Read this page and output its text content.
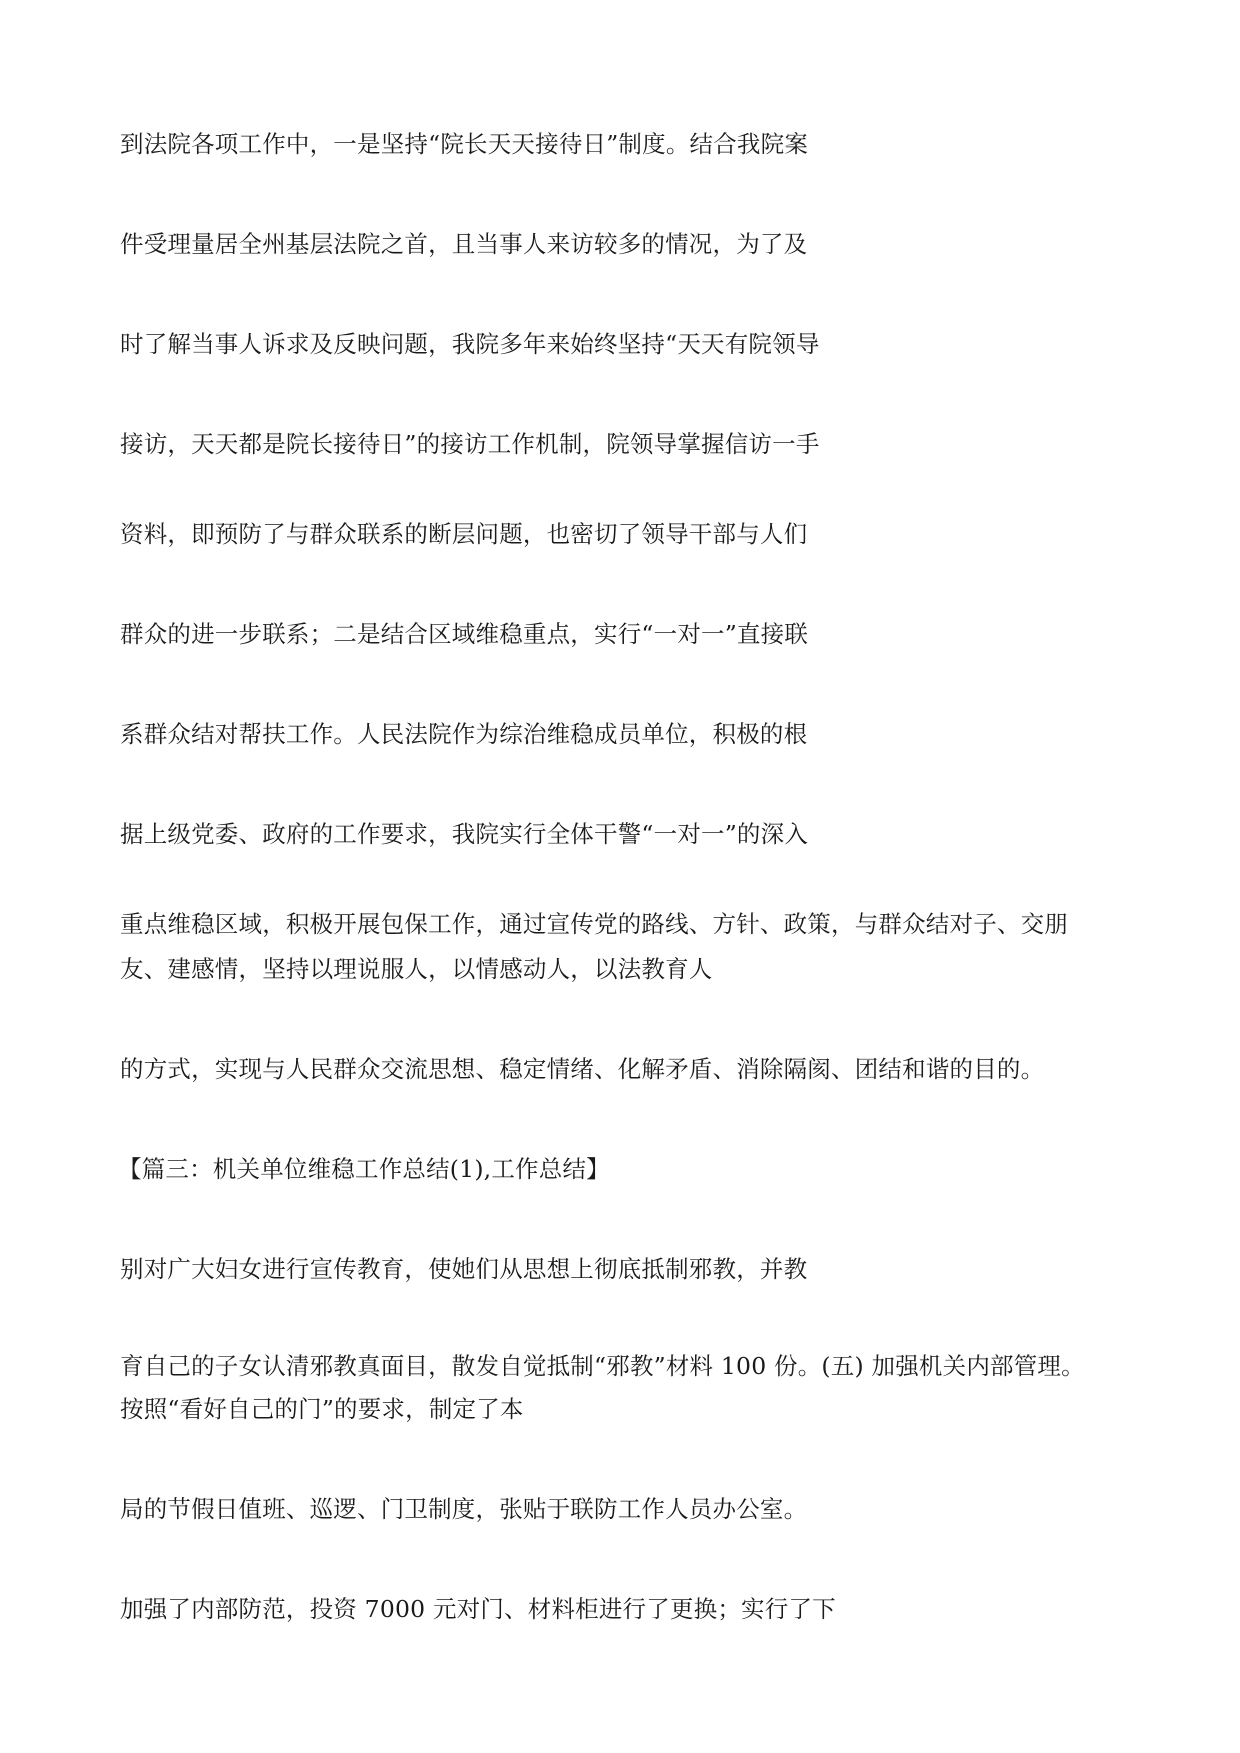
到法院各项工作中，一是坚持“院长天天接待日”制度。结合我院案
件受理量居全州基层法院之首，且当事人来访较多的情况，为了及
时了解当事人诉求及反映问题，我院多年来始终坚持“天天有院领导
接访，天天都是院长接待日”的接访工作机制，院领导掌握信访一手
资料，即预防了与群众联系的断层问题，也密切了领导干部与人们
群众的进一步联系；二是结合区域维稳重点，实行“一对一”直接联
系群众结对帮扶工作。人民法院作为综治维稳成员单位，积极的根
据上级党委、政府的工作要求，我院实行全体干警“一对一”的深入
重点维稳区域，积极开展包保工作，通过宣传党的路线、方针、政策，与群众结对子、交朋
友、建感情，坚持以理说服人，以情感动人，以法教育人
的方式，实现与人民群众交流思想、稳定情绪、化解矛盾、消除隔阂、团结和谐的目的。
【篇三：机关单位维稳工作总结(1),工作总结】
别对广大妇女进行宣传教育，使她们从思想上彻底抵制邪教，并教
育自己的子女认清邪教真面目，散发自觉抵制“邪教”材料 100 份。(五) 加强机关内部管理。
按照“看好自己的门”的要求，制定了本
局的节假日值班、巡逻、门卫制度，张贴于联防工作人员办公室。
加强了内部防范，投资 7000 元对门、材料柜进行了更换；实行了下
